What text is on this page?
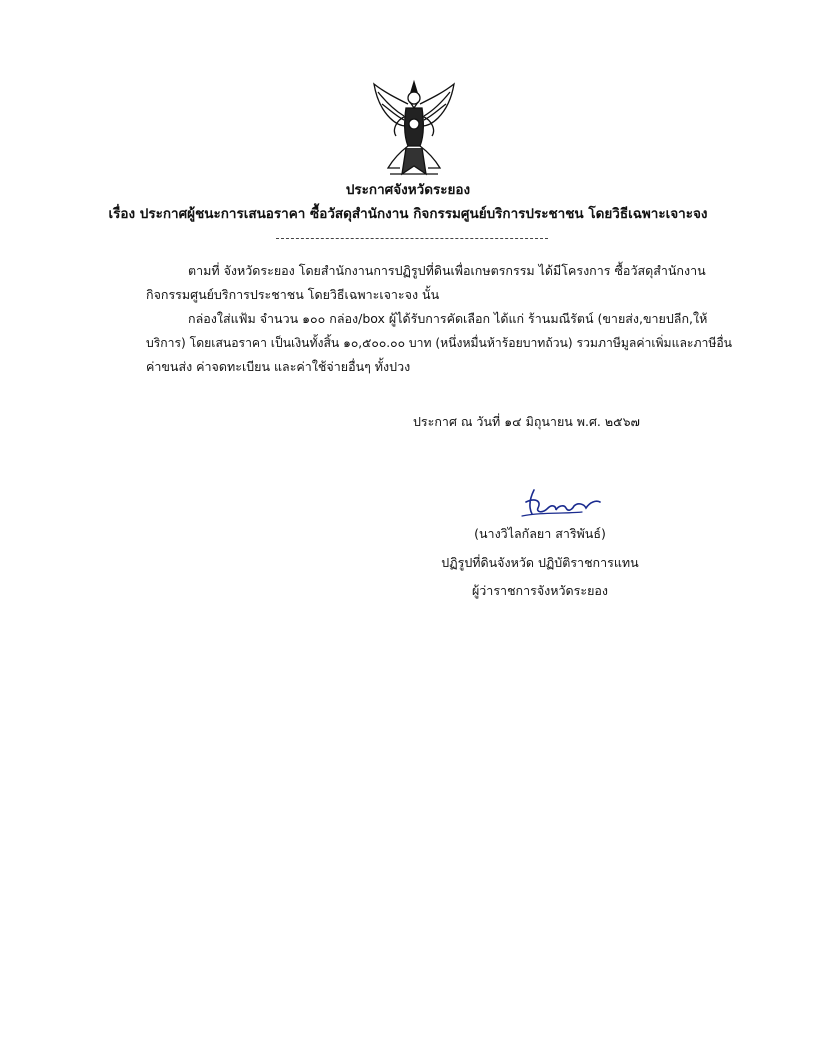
ประกาศจังหวัดระยอง
เรื่อง ประกาศผู้ชนะการเสนอราคา ซื้อวัสดุสำนักงาน กิจกรรมศูนย์บริการประชาชน โดยวิธีเฉพาะเจาะจง
ตามที่ จังหวัดระยอง โดยสำนักงานการปฏิรูปที่ดินเพื่อเกษตรกรรม ได้มีโครงการ ซื้อวัสดุสำนักงาน
กิจกรรมศูนย์บริการประชาชน โดยวิธีเฉพาะเจาะจง นั้น
กล่องใส่แฟ้ม จำนวน ๑๐๐ กล่อง/box ผู้ได้รับการคัดเลือก ได้แก่ ร้านมณีรัตน์ (ขายส่ง,ขายปลีก,ให้
บริการ) โดยเสนอราคา เป็นเงินทั้งสิ้น ๑๐,๕๐๐.๐๐ บาท (หนึ่งหมื่นห้าร้อยบาทถ้วน) รวมภาษีมูลค่าเพิ่มและภาษีอื่น
ค่าขนส่ง ค่าจดทะเบียน และค่าใช้จ่ายอื่นๆ ทั้งปวง
ประกาศ ณ วันที่ ๑๔ มิถุนายน พ.ศ. ๒๕๖๗
(นางวิไลกัลยา สาริพันธ์)
ปฏิรูปที่ดินจังหวัด ปฏิบัติราชการแทน
ผู้ว่าราชการจังหวัดระยอง
